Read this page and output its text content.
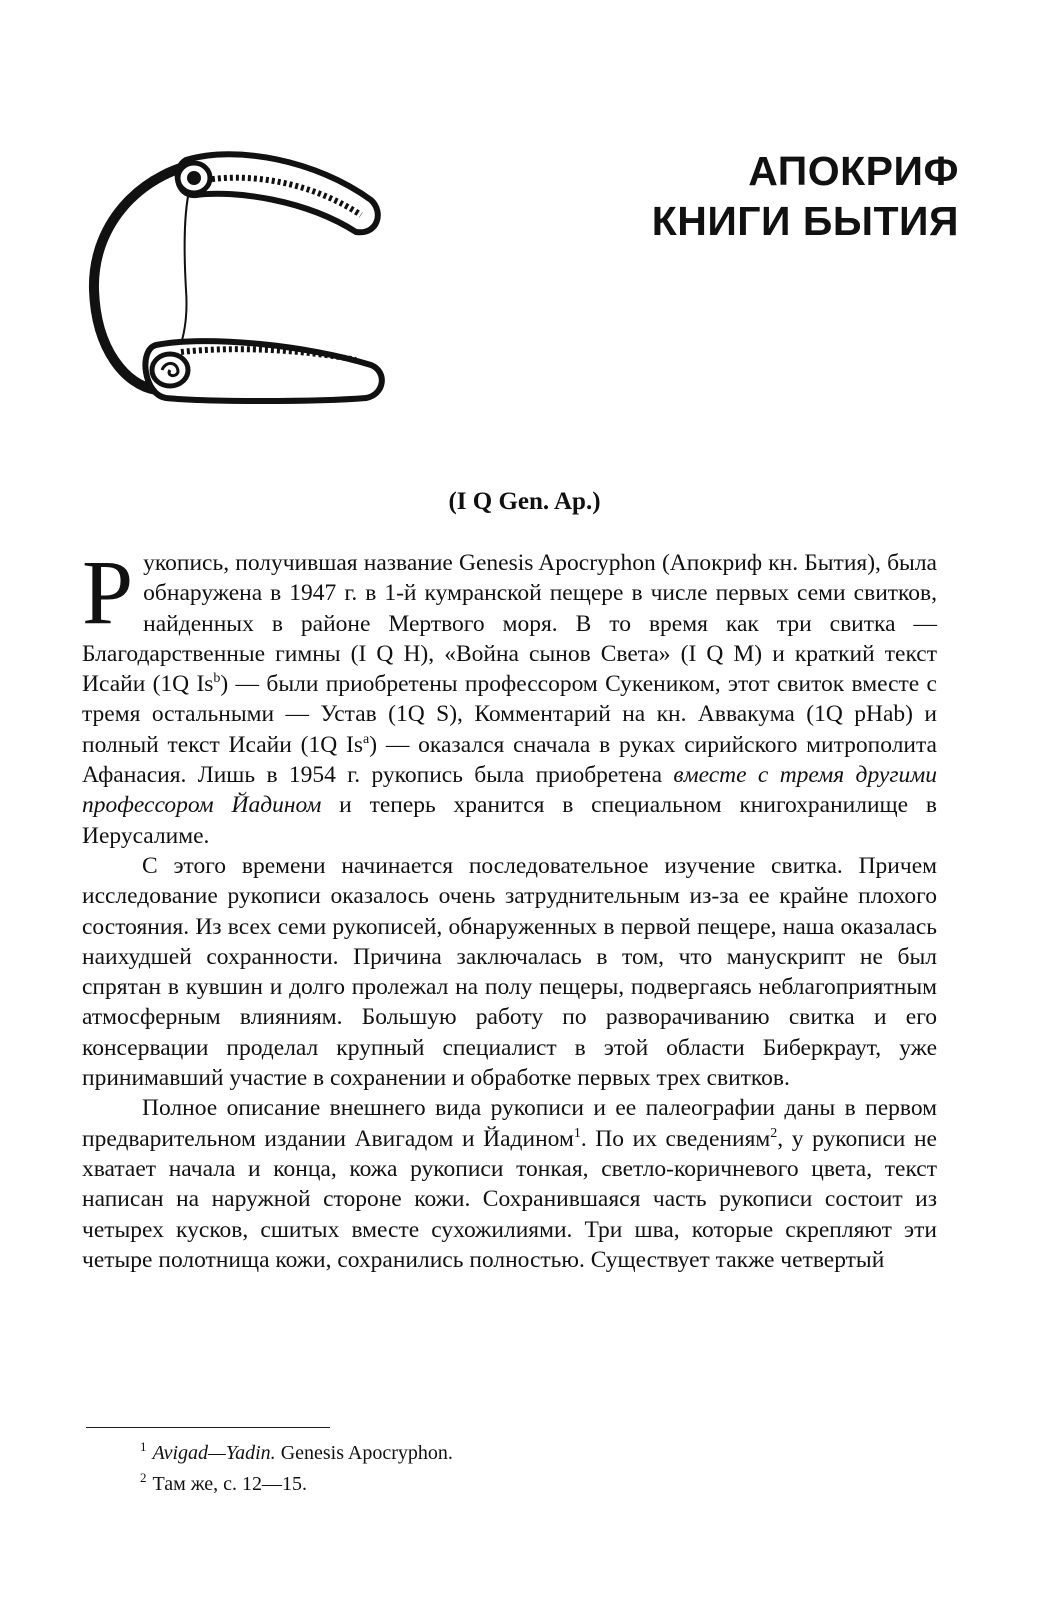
АПОКРИФ
КНИГИ БЫТИЯ
(I Q Gen. Ap.)

Рукопись, получившая название Genesis Apocryphon (Апокриф кн. Бытия), была обнаружена в 1947 г. в 1-й кумранской пещере в числе первых семи свитков, найденных в районе Мертвого моря. В то время как три свитка — Благодарственные гимны (I Q H), «Война сынов Света» (I Q M) и краткий текст Исайи (1Q Is$^b$) — были приобретены профессором Сукеником, этот свиток вместе с тремя остальными — Устав (1Q S), Комментарий на кн. Аввакума (1Q pHab) и полный текст Исайи (1Q Is$^a$) — оказался сначала в руках сирийского митрополита Афанасия. Лишь в 1954 г. рукопись была приобретена вместе с тремя другими профессором Йадином и теперь хранится в специальном книгохранилище в Иерусалиме.

С этого времени начинается последовательное изучение свитка. Причем исследование рукописи оказалось очень затруднительным из-за ее крайне плохого состояния. Из всех семи рукописей, обнаруженных в первой пещере, наша оказалась наихудшей сохранности. Причина заключалась в том, что манускрипт не был спрятан в кувшин и долго пролежал на полу пещеры, подвергаясь неблагоприятным атмосферным влияниям. Большую работу по разворачиванию свитка и его консервации проделал крупный специалист в этой области Биберкраут, уже принимавший участие в сохранении и обработке первых трех свитков.

Полное описание внешнего вида рукописи и ее палеографии даны в первом предварительном издании Авигадом и Йадином$^1$. По их сведениям$^2$, у рукописи не хватает начала и конца, кожа рукописи тонкая, светло-коричневого цвета, текст написан на наружной стороне кожи. Сохранившаяся часть рукописи состоит из четырех кусков, сшитых вместе сухожилиями. Три шва, которые скрепляют эти четыре полотнища кожи, сохранились полностью. Существует также четвертый

$^1$ Avigad—Yadin. Genesis Apocryphon.
$^2$ Там же, с. 12—15.
